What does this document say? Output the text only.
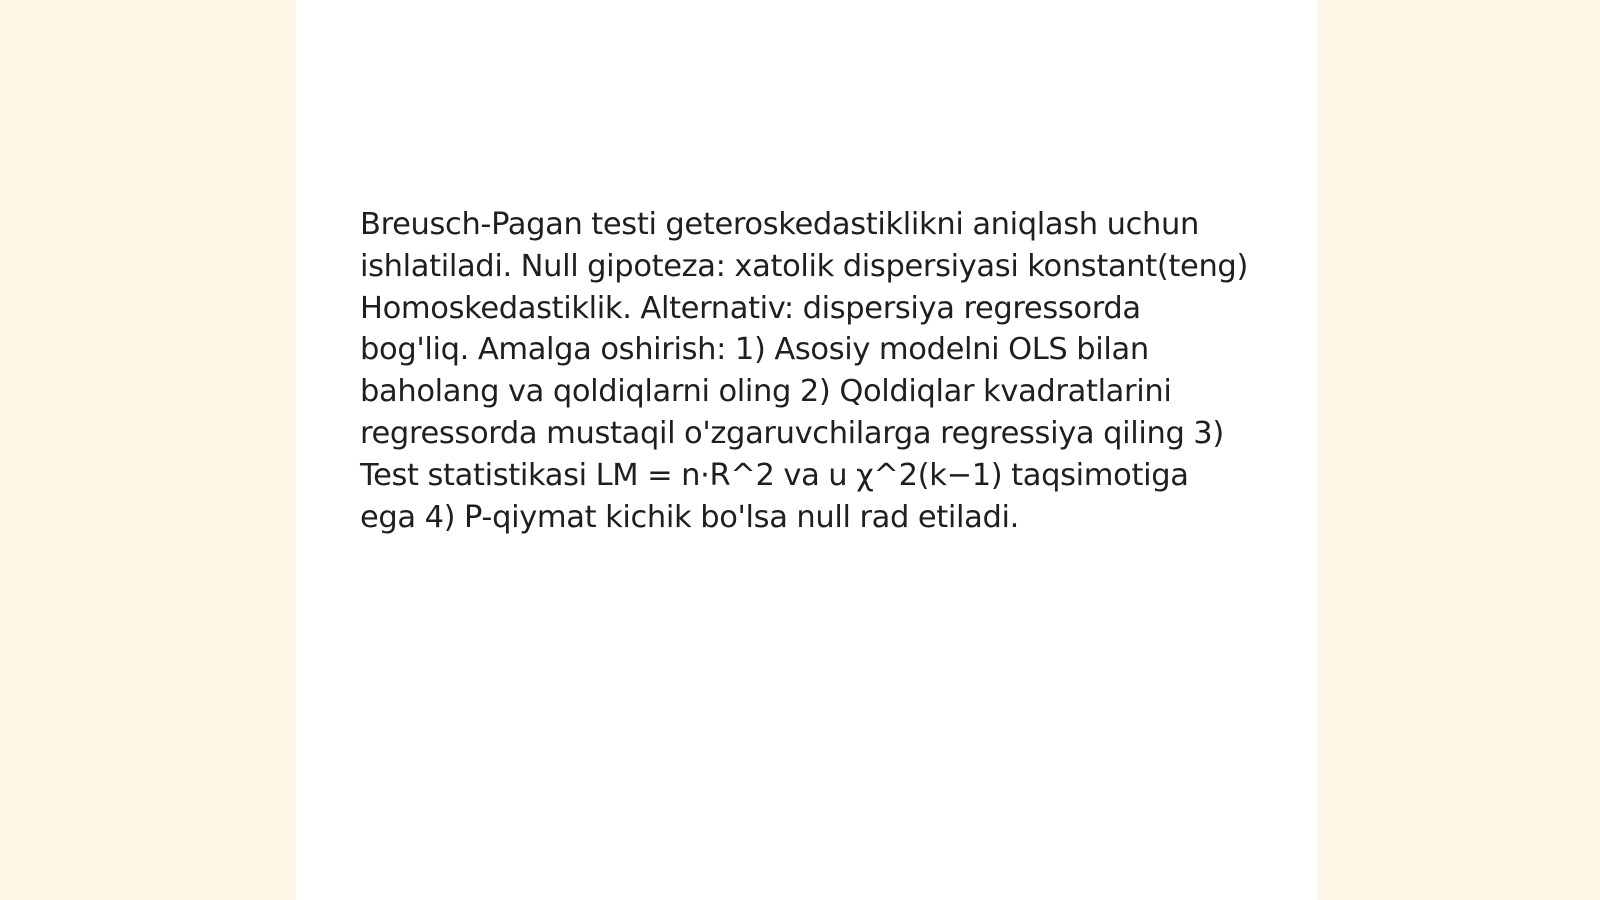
Breusch-Pagan testi geteroskedastiklikni aniqlash uchun ishlatiladi. Null gipoteza: xatolik dispersiyasi konstant(teng) Homoskedastiklik. Alternativ: dispersiya regressorda bog'liq. Amalga oshirish: 1) Asosiy modelni OLS bilan baholang va qoldiqlarni oling 2) Qoldiqlar kvadratlarini regressorda mustaqil o'zgaruvchilarga regressiya qiling 3) Test statistikasi LM = n·R^2 va u χ^2(k−1) taqsimotiga ega 4) P-qiymat kichik bo'lsa null rad etiladi.
